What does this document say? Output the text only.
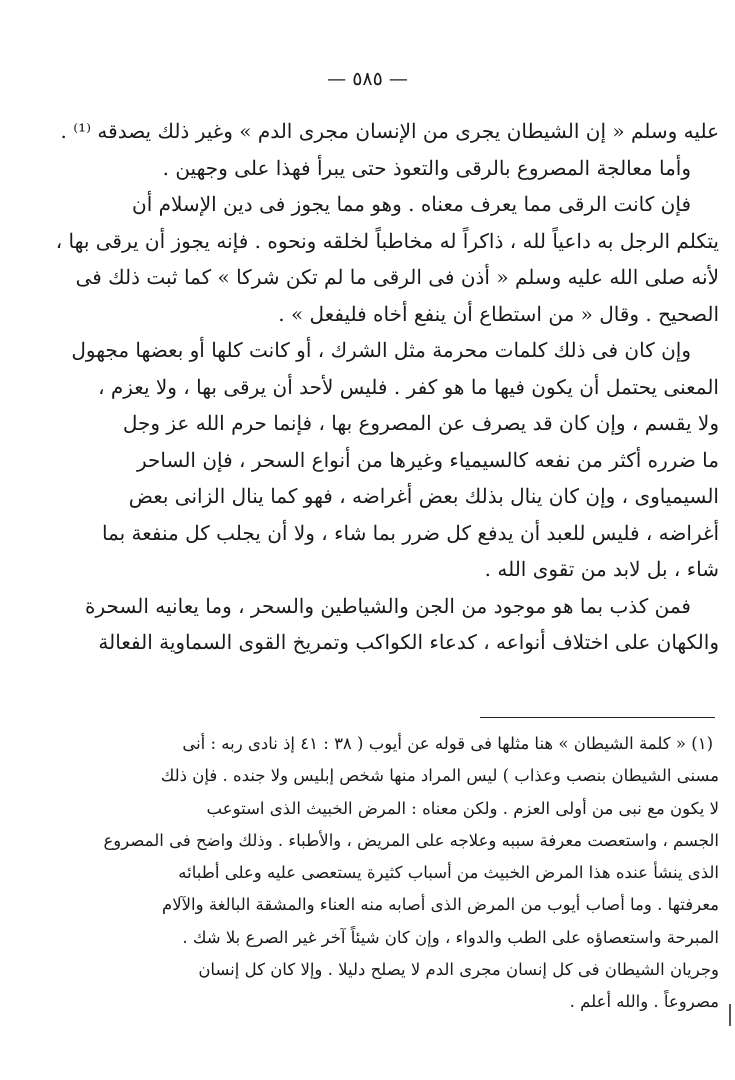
— ٥٨٥ —
عليه وسلم « إن الشيطان يجرى من الإنسان مجرى الدم » وغير ذلك يصدقه ⁽¹⁾ .
وأما معالجة المصروع بالرقى والتعوذ حتى يبرأ فهذا على وجهين .
فإن كانت الرقى مما يعرف معناه . وهو مما يجوز فى دين الإسلام أن
يتكلم الرجل به داعياً لله ، ذاكراً له مخاطباً لخلقه ونحوه . فإنه يجوز أن يرقى بها ،
لأنه صلى الله عليه وسلم « أذن فى الرقى ما لم تكن شركا » كما ثبت ذلك فى
الصحيح . وقال « من استطاع أن ينفع أخاه فليفعل » .
وإن كان فى ذلك كلمات محرمة مثل الشرك ، أو كانت كلها أو بعضها مجهول
المعنى يحتمل أن يكون فيها ما هو كفر . فليس لأحد أن يرقى بها ، ولا يعزم ،
ولا يقسم ، وإن كان قد يصرف عن المصروع بها ، فإنما حرم الله عز وجل
ما ضرره أكثر من نفعه كالسيمياء وغيرها من أنواع السحر ، فإن الساحر
السيمياوى ، وإن كان ينال بذلك بعض أغراضه ، فهو كما ينال الزانى بعض
أغراضه ، فليس للعبد أن يدفع كل ضرر بما شاء ، ولا أن يجلب كل منفعة بما
شاء ، بل لابد من تقوى الله .
فمن كذب بما هو موجود من الجن والشياطين والسحر ، وما يعانيه السحرة
والكهان على اختلاف أنواعه ، كدعاء الكواكب وتمريخ القوى السماوية الفعالة
(١) « كلمة الشيطان » هنا مثلها فى قوله عن أيوب ( ٣٨ : ٤١ إذ نادى ربه : أنى
مسنى الشيطان بنصب وعذاب ) ليس المراد منها شخص إبليس ولا جنده . فإن ذلك
لا يكون مع نبى من أولى العزم . ولكن معناه : المرض الخبيث الذى استوعب
الجسم ، واستعصت معرفة سببه وعلاجه على المريض ، والأطباء . وذلك واضح فى المصروع
الذى ينشأ عنده هذا المرض الخبيث من أسباب كثيرة يستعصى عليه وعلى أطبائه
معرفتها . وما أصاب أيوب من المرض الذى أصابه منه العناء والمشقة البالغة والآلام
المبرحة واستعصاؤه على الطب والدواء ، وإن كان شيئاً آخر غير الصرع بلا شك .
وجريان الشيطان فى كل إنسان مجرى الدم لا يصلح دليلا . وإلا كان كل إنسان
مصروعاً . والله أعلم .
